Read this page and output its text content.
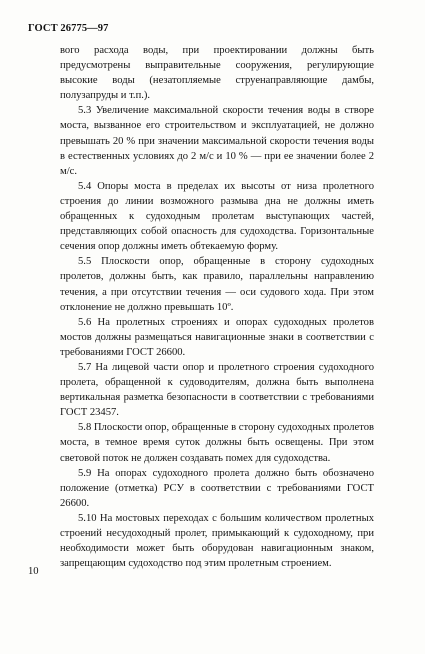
ГОСТ 26775—97

вого расхода воды, при проектировании должны быть предусмотрены выправительные сооружения, регулирующие высокие воды (незатопляемые струенаправляющие дамбы, полузапруды и т.п.).

5.3 Увеличение максимальной скорости течения воды в створе моста, вызванное его строительством и эксплуатацией, не должно превышать 20 % при значении максимальной скорости течения воды в естественных условиях до 2 м/с и 10 % — при ее значении более 2 м/с.

5.4 Опоры моста в пределах их высоты от низа пролетного строения до линии возможного размыва дна не должны иметь обращенных к судоходным пролетам выступающих частей, представляющих собой опасность для судоходства. Горизонтальные сечения опор должны иметь обтекаемую форму.

5.5 Плоскости опор, обращенные в сторону судоходных пролетов, должны быть, как правило, параллельны направлению течения, а при отсутствии течения — оси судового хода. При этом отклонение не должно превышать 10º.

5.6 На пролетных строениях и опорах судоходных пролетов мостов должны размещаться навигационные знаки в соответствии с требованиями ГОСТ 26600.

5.7 На лицевой части опор и пролетного строения судоходного пролета, обращенной к судоводителям, должна быть выполнена вертикальная разметка безопасности в соответствии с требованиями ГОСТ 23457.

5.8 Плоскости опор, обращенные в сторону судоходных пролетов моста, в темное время суток должны быть освещены. При этом световой поток не должен создавать помех для судоходства.

5.9 На опорах судоходного пролета должно быть обозначено положение (отметка) РСУ в соответствии с требованиями ГОСТ 26600.

5.10 На мостовых переходах с большим количеством пролетных строений несудоходный пролет, примыкающий к судоходному, при необходимости может быть оборудован навигационным знаком, запрещающим судоходство под этим пролетным строением.

10
